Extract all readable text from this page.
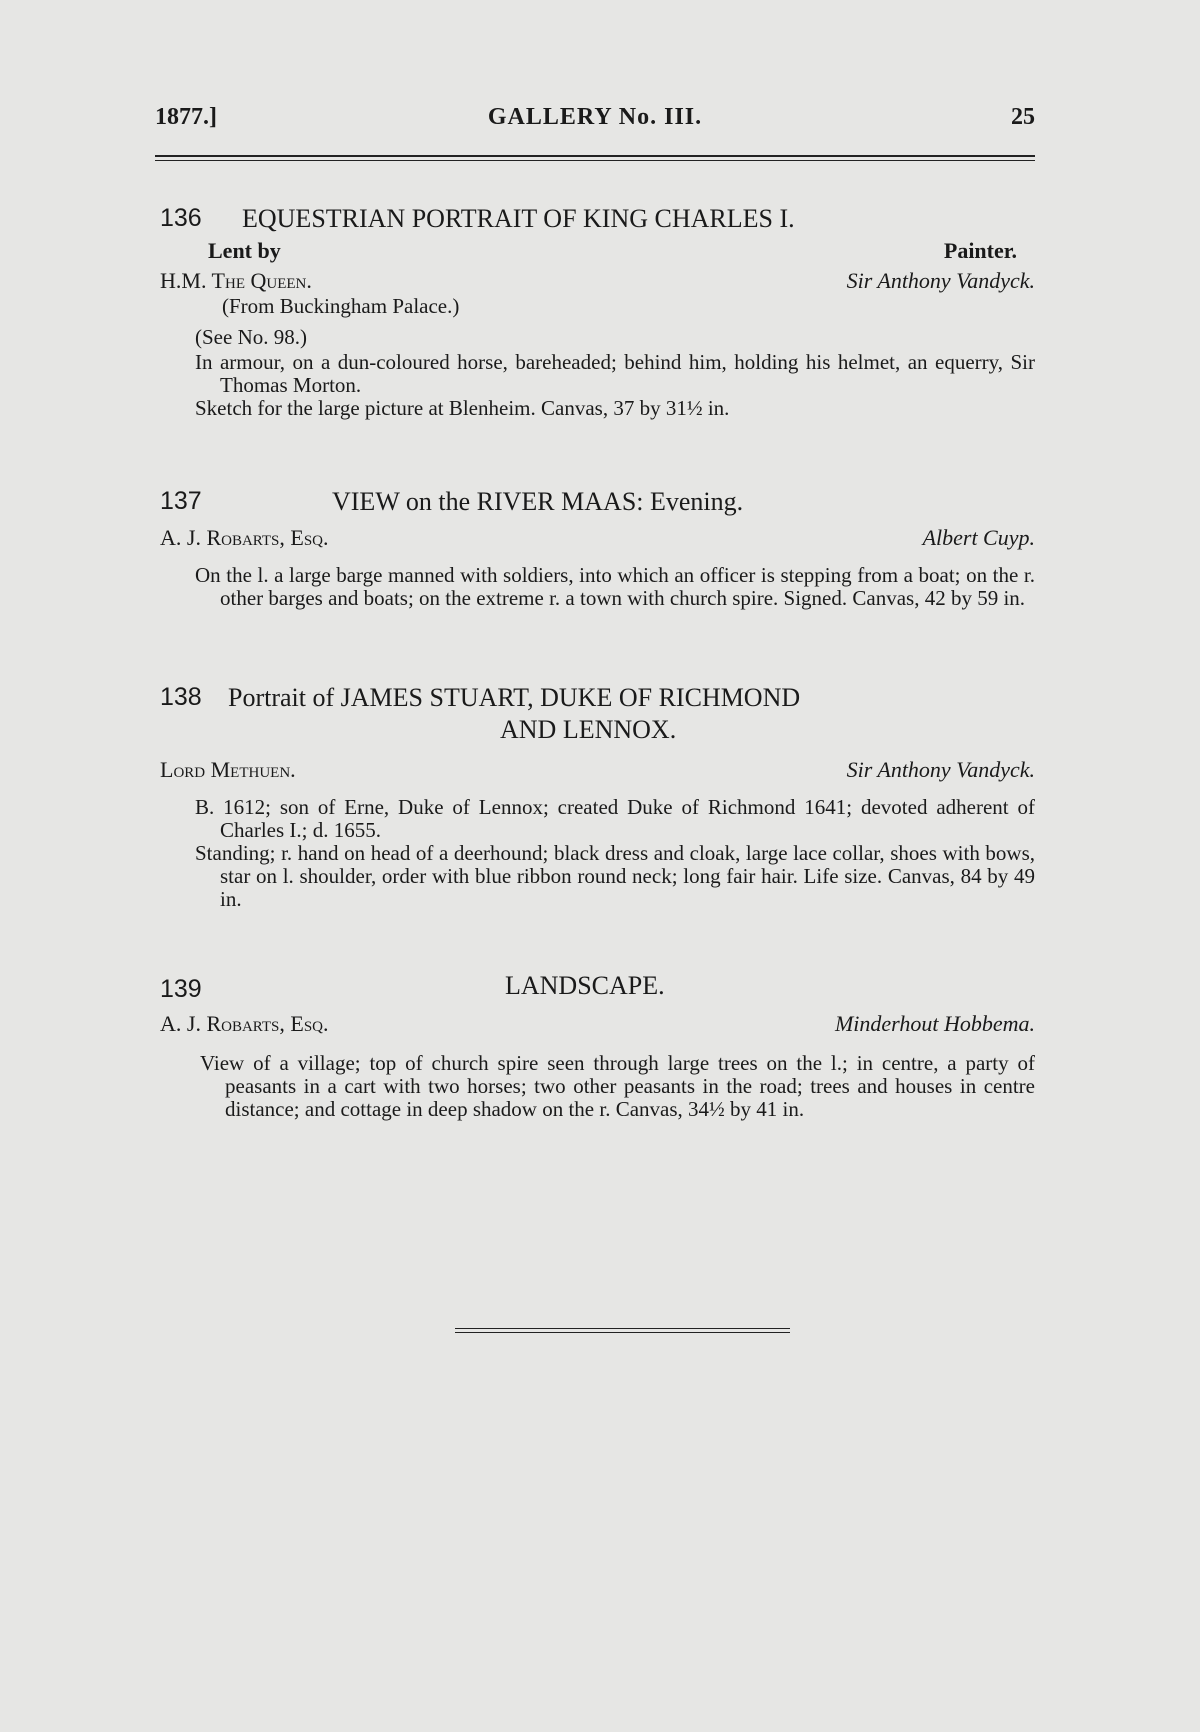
1877.]	GALLERY No. III.	25
136 EQUESTRIAN PORTRAIT OF KING CHARLES I.
Lent by	Painter.
H.M. The Queen.	Sir Anthony Vandyck.
(From Buckingham Palace.)
(See No. 98.)

In armour, on a dun-coloured horse, bareheaded; behind him, holding his helmet, an equerry, Sir Thomas Morton.

Sketch for the large picture at Blenheim. Canvas, 37 by 31½ in.

137	VIEW on the RIVER MAAS: Evening.
A. J. Robarts, Esq.	Albert Cuyp.

On the l. a large barge manned with soldiers, into which an officer is stepping from a boat; on the r. other barges and boats; on the extreme r. a town with church spire. Signed. Canvas, 42 by 59 in.

138 Portrait of JAMES STUART, DUKE OF RICHMOND
AND LENNOX.
Lord Methuen.	Sir Anthony Vandyck.

B. 1612; son of Erne, Duke of Lennox; created Duke of Richmond 1641; devoted adherent of Charles I.; d. 1655.

Standing; r. hand on head of a deerhound; black dress and cloak, large lace collar, shoes with bows, star on l. shoulder, order with blue ribbon round neck; long fair hair. Life size. Canvas, 84 by 49 in.

139	LANDSCAPE.
A. J. Robarts, Esq.	Minderhout Hobbema.

View of a village; top of church spire seen through large trees on the l.; in centre, a party of peasants in a cart with two horses; two other peasants in the road; trees and houses in centre distance; and cottage in deep shadow on the r. Canvas, 34½ by 41 in.
